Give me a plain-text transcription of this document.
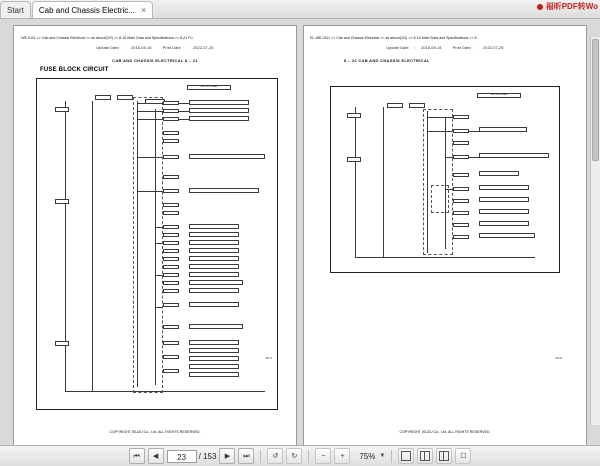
Start Cab and Chassis Electric... ×	福昕PDF转Wo
·WE-0111 >> Cab and Chassis Electrical >> as above(2/2) >> 8-16 Main Data and Specifications >> 8-21 Fu
Update Date : 2016-09-15	Print Date : 2022-07-25
CAB AND CHASSIS ELECTRICAL 8 – 21
FUSE BLOCK CIRCUIT
JUNCTION ON LABEL
STARTER RELAY
GLOW PLUG RELAY
CIGARETTE LIGHTER
BACK UP LAMP SWITCH REAR, POWER WINDOW
POWER SUPPLY
SPEED METER
INSTRUMENT
CLOCK
STOP LAMP SWITCH
HAZARD UNIT
TURN SIGNAL
HEAD LAMP RELAY
BLOWER MOTOR RELAY
WIPER MOTOR
AIR CONDITIONER
TAIL LAMP RELAY
LICENSE LAMP
ILLUMINATION
STOP LAMP
HORN RELAY
ABS UNIT
E8-21
COPYRIGHT ISUZU Co., Ltd. ALL RIGHTS RESERVED.
EL-WE-0111 >> Cab and Chassis Electrical >> as above(2/2) >> 8-16 Main Data and Specifications >> 8-
Update Date : 2016-09-15	Print Date : 2022-07-25
8 – 22 CAB AND CHASSIS ELECTRICAL
JUNCTION ON LABEL
ALTERNATOR
CONDENSER FAN MOTOR, AIR COMPRESSOR
CANCEL
REFRIGERANT SENSOR
AIR CONDITIONER
PASSENGER SIDE
BLOWER MOTOR
ECU BOARD, POWER OUTLET
E8-22
COPYRIGHT ISUZU Co., Ltd. ALL RIGHTS RESERVED.
⏮	◀	23	/ 153	▶	⏭	↺	↻	−	+	75% ▼	☐
